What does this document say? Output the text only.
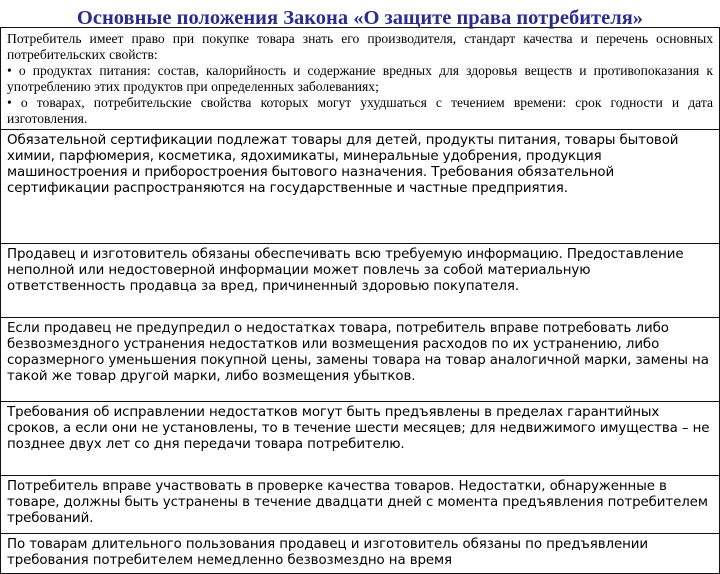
Основные положения Закона «О защите права потребителя»

Потребитель имеет право при покупке товара знать его производителя, стандарт качества и перечень основных потребительских свойств:

• о продуктах питания: состав, калорийность и содержание вредных для здоровья веществ и противопоказания к употреблению этих продуктов при определенных заболеваниях;

• о товарах, потребительские свойства которых могут ухудшаться с течением времени: срок годности и дата изготовления.

Обязательной сертификации подлежат товары для детей, продукты питания, товары бытовой химии, парфюмерия, косметика, ядохимикаты, минеральные удобрения, продукция машиностроения и приборостроения бытового назначения. Требования обязательной сертификации распространяются на государственные и частные предприятия.
Продавец и изготовитель обязаны обеспечивать всю требуемую информацию. Предоставление неполной или недостоверной информации может повлечь за собой материальную ответственность продавца за вред, причиненный здоровью покупателя.
Если продавец не предупредил о недостатках товара, потребитель вправе потребовать либо безвозмездного устранения недостатков или возмещения расходов по их устранению, либо соразмерного уменьшения покупной цены, замены товара на товар аналогичной марки, замены на такой же товар другой марки, либо возмещения убытков.
Требования об исправлении недостатков могут быть предъявлены в пределах гарантийных сроков, а если они не установлены, то в течение шести месяцев; для недвижимого имущества – не позднее двух лет со дня передачи товара потребителю.
Потребитель вправе участвовать в проверке качества товаров. Недостатки, обнаруженные в товаре, должны быть устранены в течение двадцати дней с момента предъявления потребителем требований.
По товарам длительного пользования продавец и изготовитель обязаны по предъявлении требования потребителем немедленно безвозмездно на время
